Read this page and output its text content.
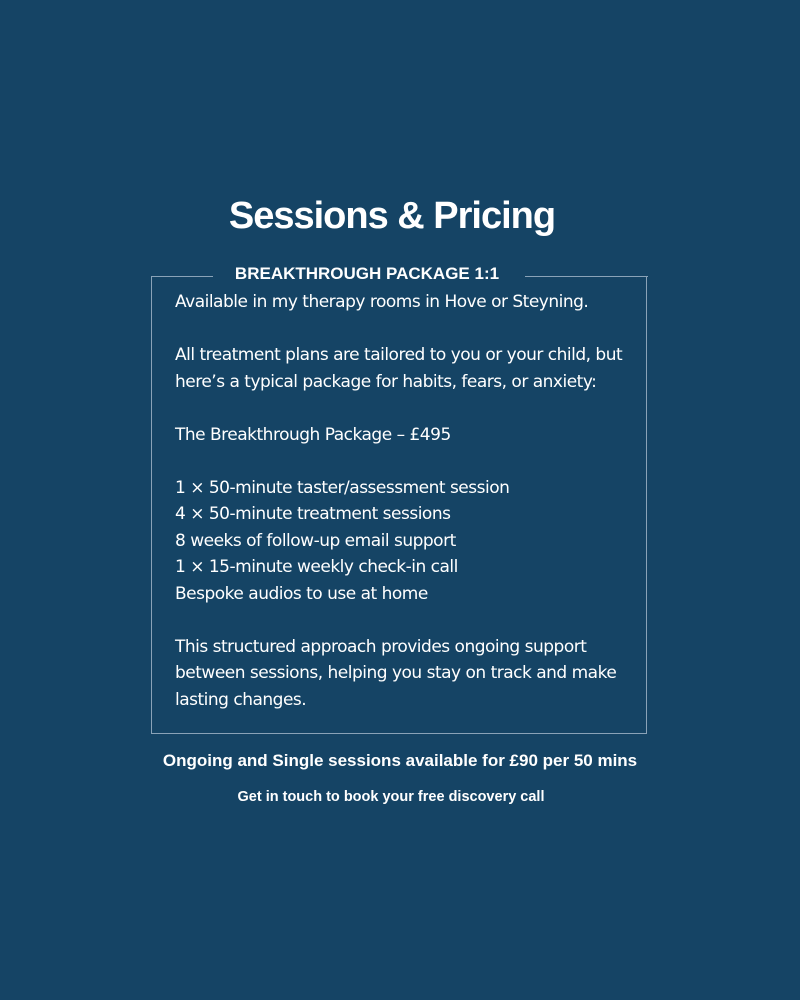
Sessions & Pricing
BREAKTHROUGH PACKAGE 1:1

Available in my therapy rooms in Hove or Steyning.

All treatment plans are tailored to you or your child, but here’s a typical package for habits, fears, or anxiety:

The Breakthrough Package – £495

1 × 50-minute taster/assessment session
4 × 50-minute treatment sessions
8 weeks of follow-up email support
1 × 15-minute weekly check-in call
Bespoke audios to use at home

This structured approach provides ongoing support between sessions, helping you stay on track and make lasting changes.

Ongoing and Single sessions available for £90 per 50 mins

Get in touch to book your free discovery call
